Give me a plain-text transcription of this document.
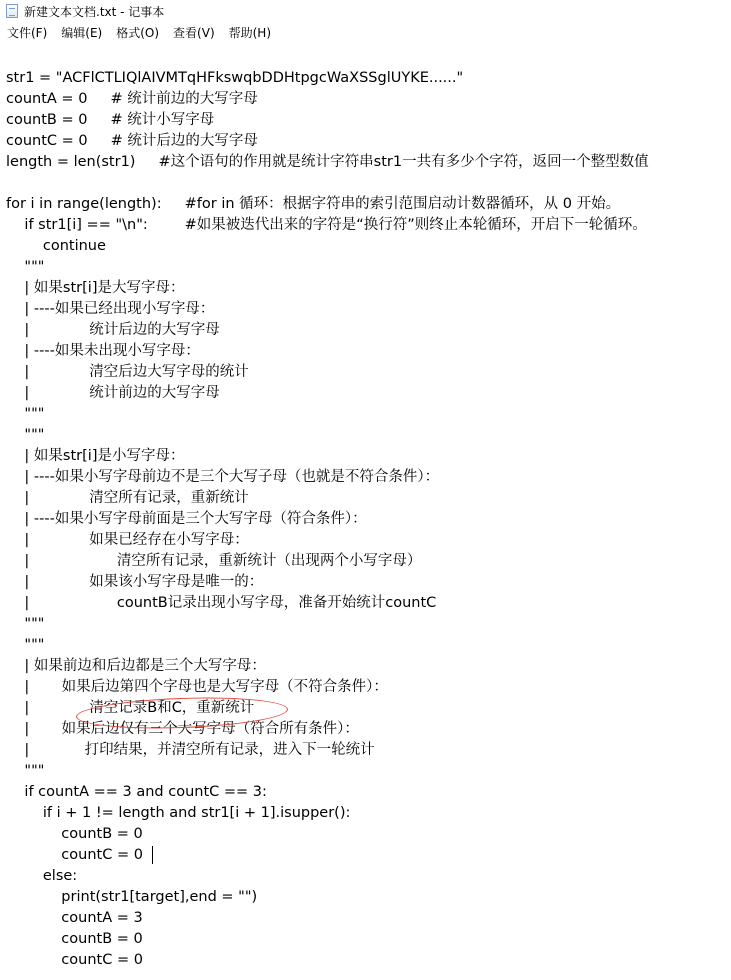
新建文本文档.txt - 记事本
文件(F)	编辑(E)	格式(O)	查看(V)	帮助(H)
str1 = "ACFlCTLIQlAIVMTqHFkswqbDDHtpgcWaXSSglUYKE......"
countA = 0     # 统计前边的大写字母
countB = 0     # 统计小写字母
countC = 0     # 统计后边的大写字母
length = len(str1)     #这个语句的作用就是统计字符串str1一共有多少个字符，返回一个整型数值
for i in range(length):     #for in 循环：根据字符串的索引范围启动计数器循环，从 0 开始。
if str1[i] == "\n":        #如果被迭代出来的字符是“换行符”则终止本轮循环，开启下一轮循环。
continue
"""
| 如果str[i]是大写字母：
| ----如果已经出现小写字母：
|             统计后边的大写字母
| ----如果未出现小写字母：
|             清空后边大写字母的统计
|             统计前边的大写字母
"""
"""
| 如果str[i]是小写字母：
| ----如果小写字母前边不是三个大写子母（也就是不符合条件）：
|             清空所有记录，重新统计
| ----如果小写字母前面是三个大写字母（符合条件）：
|             如果已经存在小写字母：
|                   清空所有记录，重新统计（出现两个小写字母）
|             如果该小写字母是唯一的：
|                   countB记录出现小写字母，准备开始统计countC
"""
"""
| 如果前边和后边都是三个大写字母：
|       如果后边第四个字母也是大写字母（不符合条件）：
|             清空记录B和C，重新统计
|       如果后边仅有三个大写字母（符合所有条件）：
|            打印结果，并清空所有记录，进入下一轮统计
"""
if countA == 3 and countC == 3:
if i + 1 != length and str1[i + 1].isupper():
countB = 0
countC = 0
else:
print(str1[target],end = "")
countA = 3
countB = 0
countC = 0
